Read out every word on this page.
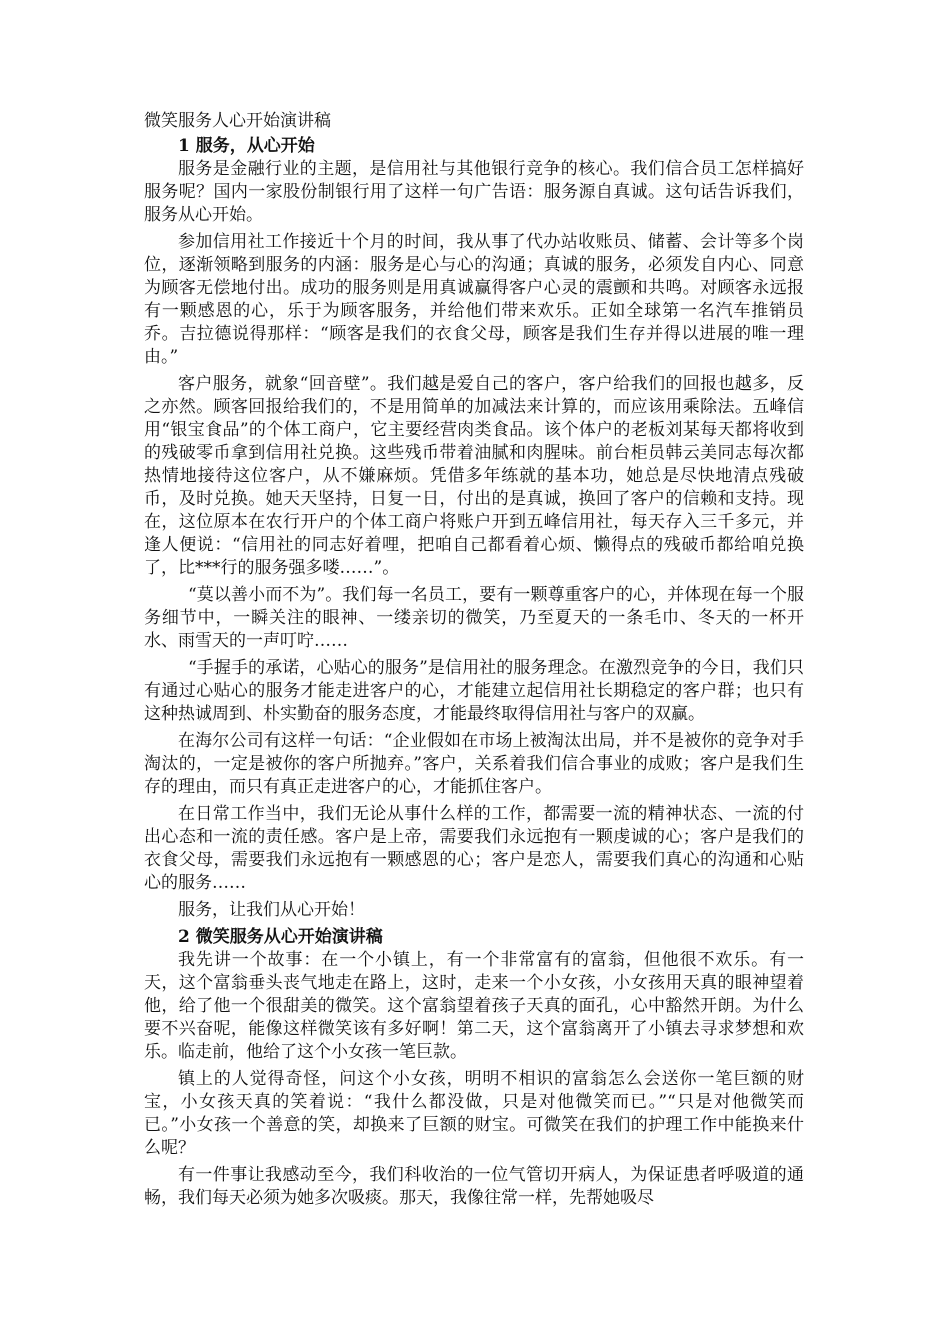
微笑服务人心开始演讲稿
1 服务，从心开始
服务是金融行业的主题，是信用社与其他银行竞争的核心。我们信合员工怎样搞好服务呢？国内一家股份制银行用了这样一句广告语：服务源自真诚。这句话告诉我们，服务从心开始。
参加信用社工作接近十个月的时间，我从事了代办站收账员、储蓄、会计等多个岗位，逐渐领略到服务的内涵：服务是心与心的沟通；真诚的服务，必须发自内心、同意为顾客无偿地付出。成功的服务则是用真诚赢得客户心灵的震颤和共鸣。对顾客永远报有一颗感恩的心，乐于为顾客服务，并给他们带来欢乐。正如全球第一名汽车推销员乔。吉拉德说得那样：“顾客是我们的衣食父母，顾客是我们生存并得以进展的唯一理由。”
客户服务，就象“回音壁”。我们越是爱自己的客户，客户给我们的回报也越多，反之亦然。顾客回报给我们的，不是用简单的加减法来计算的，而应该用乘除法。五峰信用“银宝食品”的个体工商户，它主要经营肉类食品。该个体户的老板刘某每天都将收到的残破零币拿到信用社兑换。这些残币带着油腻和肉腥味。前台柜员韩云美同志每次都热情地接待这位客户，从不嫌麻烦。凭借多年练就的基本功，她总是尽快地清点残破币，及时兑换。她天天坚持，日复一日，付出的是真诚，换回了客户的信赖和支持。现在，这位原本在农行开户的个体工商户将账户开到五峰信用社，每天存入三千多元，并逢人便说：“信用社的同志好着哩，把咱自己都看着心烦、懒得点的残破币都给咱兑换了，比***行的服务强多喽……”。
“莫以善小而不为”。我们每一名员工，要有一颗尊重客户的心，并体现在每一个服务细节中，一瞬关注的眼神、一缕亲切的微笑，乃至夏天的一条毛巾、冬天的一杯开水、雨雪天的一声叮咛……
“手握手的承诺，心贴心的服务”是信用社的服务理念。在激烈竞争的今日，我们只有通过心贴心的服务才能走进客户的心，才能建立起信用社长期稳定的客户群；也只有这种热诚周到、朴实勤奋的服务态度，才能最终取得信用社与客户的双赢。
在海尔公司有这样一句话：“企业假如在市场上被淘汰出局，并不是被你的竞争对手淘汰的，一定是被你的客户所抛弃。”客户，关系着我们信合事业的成败；客户是我们生存的理由，而只有真正走进客户的心，才能抓住客户。
在日常工作当中，我们无论从事什么样的工作，都需要一流的精神状态、一流的付出心态和一流的责任感。客户是上帝，需要我们永远抱有一颗虔诚的心；客户是我们的衣食父母，需要我们永远抱有一颗感恩的心；客户是恋人，需要我们真心的沟通和心贴心的服务……
服务，让我们从心开始！
2 微笑服务从心开始演讲稿
我先讲一个故事：在一个小镇上，有一个非常富有的富翁，但他很不欢乐。有一天，这个富翁垂头丧气地走在路上，这时，走来一个小女孩，小女孩用天真的眼神望着他，给了他一个很甜美的微笑。这个富翁望着孩子天真的面孔，心中豁然开朗。为什么要不兴奋呢，能像这样微笑该有多好啊！第二天，这个富翁离开了小镇去寻求梦想和欢乐。临走前，他给了这个小女孩一笔巨款。
镇上的人觉得奇怪，问这个小女孩，明明不相识的富翁怎么会送你一笔巨额的财宝，小女孩天真的笑着说：“我什么都没做，只是对他微笑而已。”“只是对他微笑而已。”小女孩一个善意的笑，却换来了巨额的财宝。可微笑在我们的护理工作中能换来什么呢？
有一件事让我感动至今，我们科收治的一位气管切开病人，为保证患者呼吸道的通畅，我们每天必须为她多次吸痰。那天，我像往常一样，先帮她吸尽
